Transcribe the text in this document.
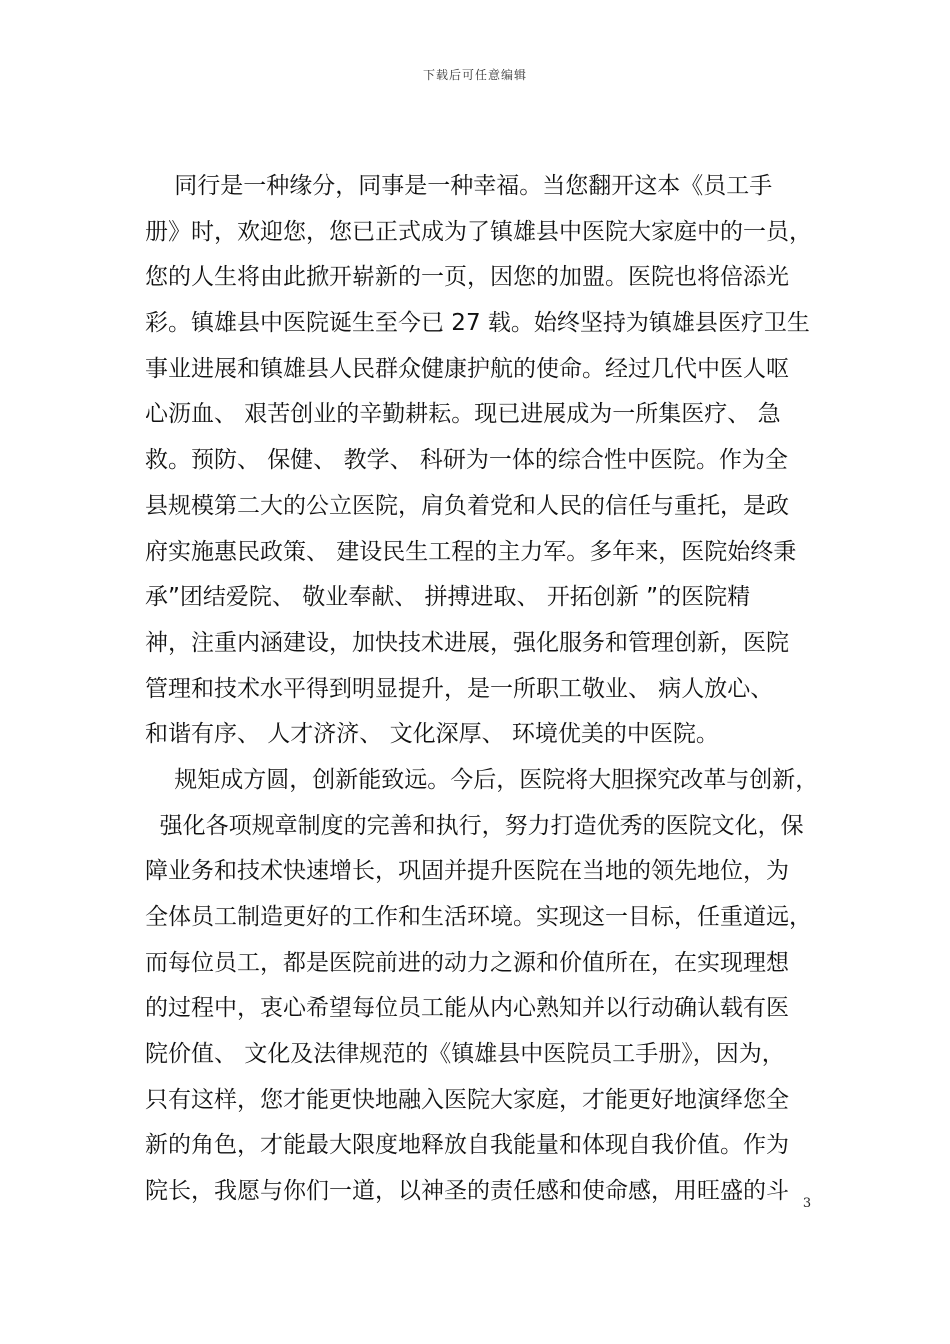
下载后可任意编辑
同行是一种缘分，同事是一种幸福。当您翻开这本《员工手
册》时，欢迎您，您已正式成为了镇雄县中医院大家庭中的一员，
您的人生将由此掀开崭新的一页，因您的加盟。医院也将倍添光
彩。镇雄县中医院诞生至今已 27 载。始终坚持为镇雄县医疗卫生
事业进展和镇雄县人民群众健康护航的使命。经过几代中医人呕
心沥血、 艰苦创业的辛勤耕耘。现已进展成为一所集医疗、 急
救。预防、 保健、 教学、 科研为一体的综合性中医院。作为全
县规模第二大的公立医院，肩负着党和人民的信任与重托，是政
府实施惠民政策、 建设民生工程的主力军。多年来，医院始终秉
承”团结爱院、 敬业奉献、 拼搏进取、 开拓创新 ”的医院精
神，注重内涵建设，加快技术进展，强化服务和管理创新，医院
管理和技术水平得到明显提升，是一所职工敬业、 病人放心、
和谐有序、 人才济济、 文化深厚、 环境优美的中医院。
规矩成方圆，创新能致远。今后，医院将大胆探究改革与创新，
强化各项规章制度的完善和执行，努力打造优秀的医院文化，保
障业务和技术快速增长，巩固并提升医院在当地的领先地位，为
全体员工制造更好的工作和生活环境。实现这一目标，任重道远，
而每位员工，都是医院前进的动力之源和价值所在，在实现理想
的过程中，衷心希望每位员工能从内心熟知并以行动确认载有医
院价值、 文化及法律规范的《镇雄县中医院员工手册》，因为，
只有这样，您才能更快地融入医院大家庭，才能更好地演绎您全
新的角色，才能最大限度地释放自我能量和体现自我价值。作为
院长，我愿与你们一道，以神圣的责任感和使命感，用旺盛的斗	3
